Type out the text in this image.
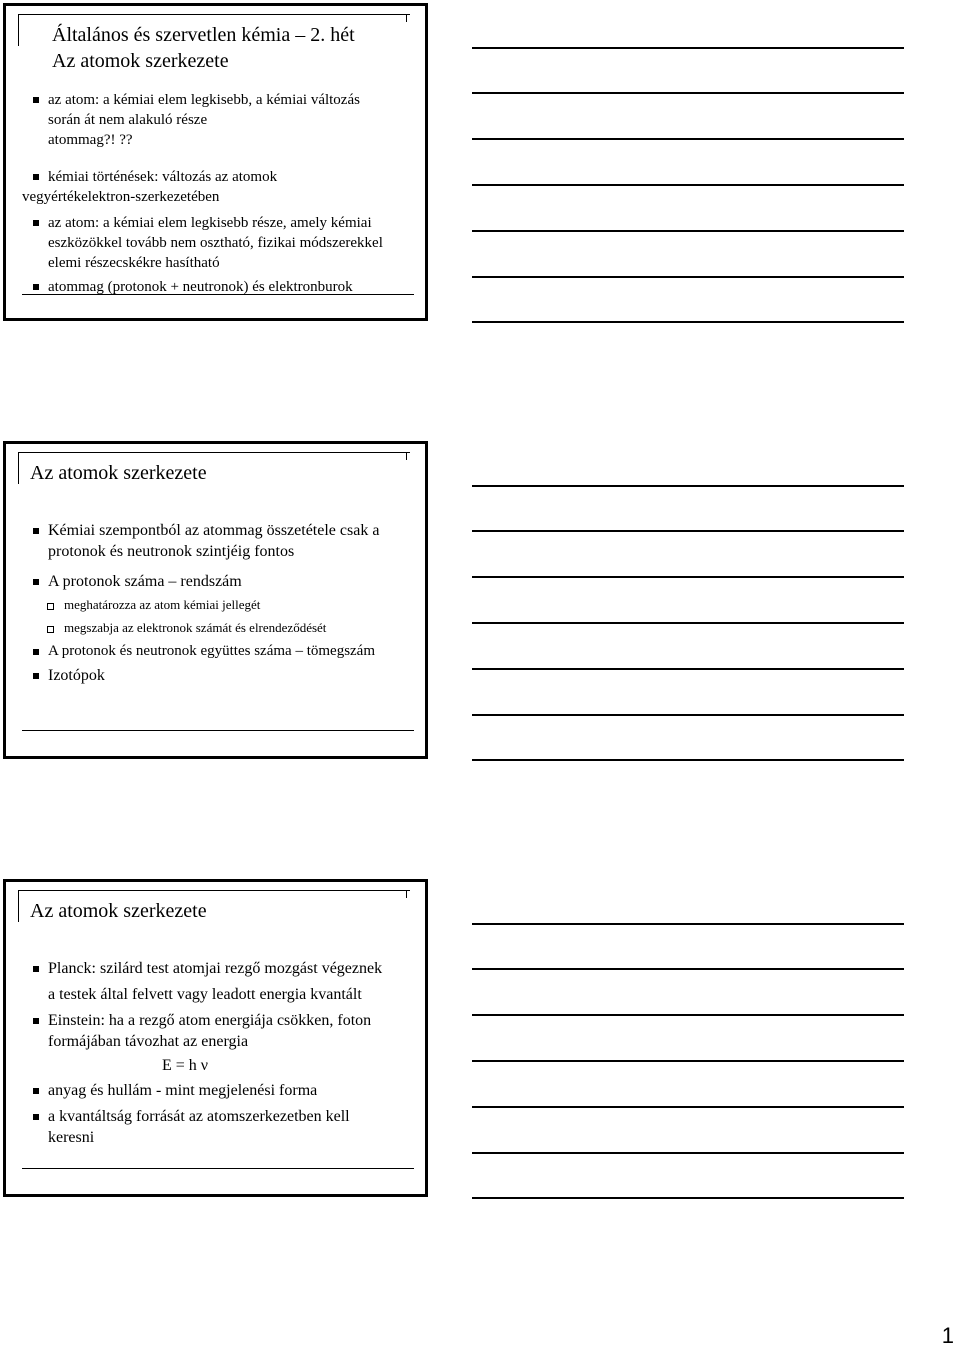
Általános és szervetlen kémia – 2. hét
Az atomok szerkezete
az atom: a kémiai elem legkisebb, a kémiai változás során át nem alakuló része
atommag?! ??
kémiai történések: változás az atomok vegyértékelektron-szerkezetében
az atom: a kémiai elem legkisebb része, amely kémiai eszközökkel tovább nem osztható, fizikai módszerekkel elemi részecskékre hasítható
atommag (protonok + neutronok) és elektronburok
Az atomok szerkezete
Kémiai szempontból az atommag összetétele csak a protonok és neutronok szintjéig fontos
A protonok száma – rendszám
meghatározza az atom kémiai jellegét
megszabja az elektronok számát és elrendeződését
A protonok és neutronok együttes száma – tömegszám
Izotópok
Az atomok szerkezete
Planck: szilárd test atomjai rezgő mozgást végeznek
a testek által felvett vagy leadott energia kvantált
Einstein: ha a rezgő atom energiája csökken, foton formájában távozhat az energia
E = h ν
anyag és hullám - mint megjelenési forma
a kvantáltság forrását az atomszerkezetben kell keresni
1
